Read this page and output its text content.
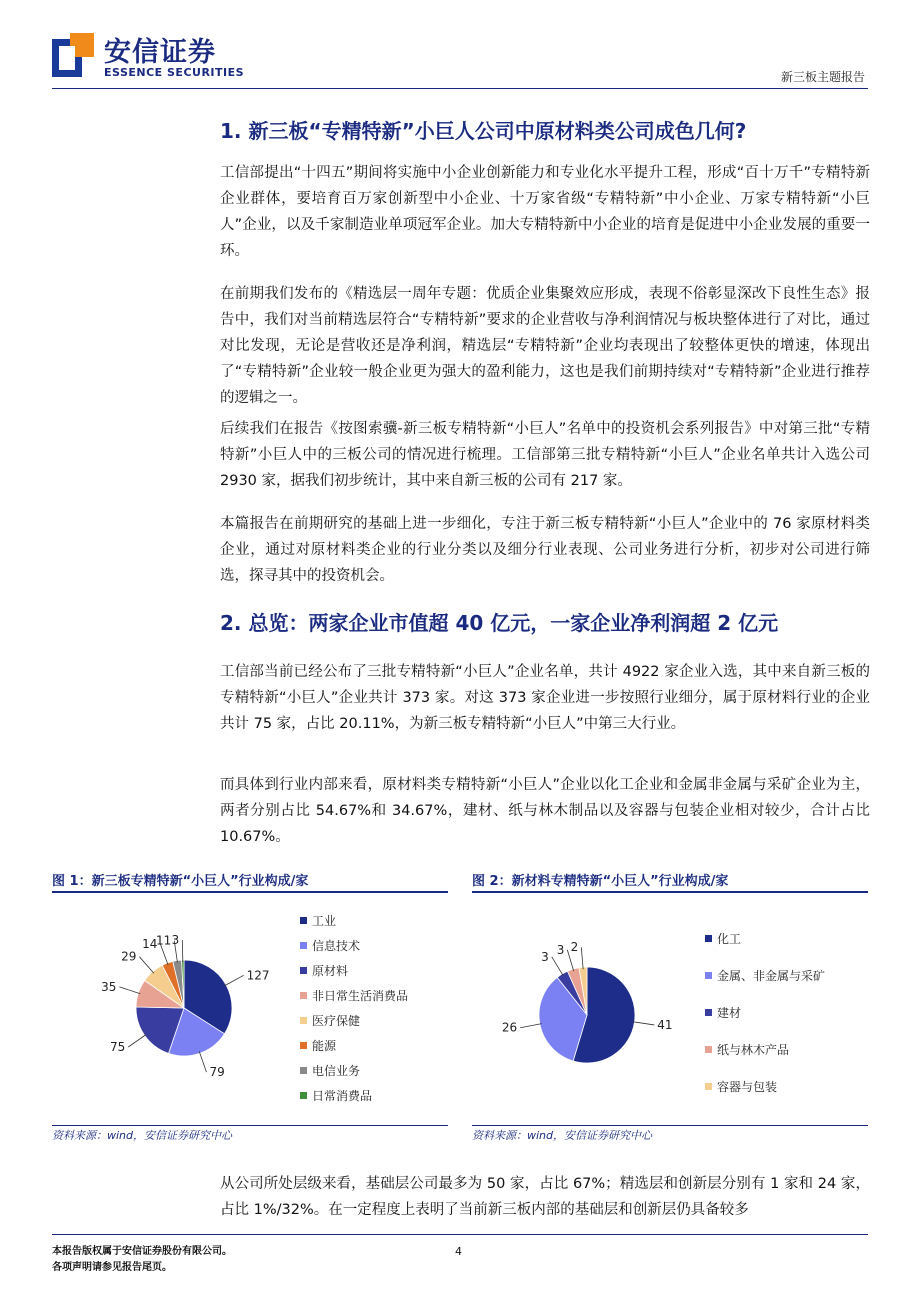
安信证券
ESSENCE SECURITIES	新三板主题报告
1. 新三板“专精特新”小巨人公司中原材料类公司成色几何?
工信部提出“十四五”期间将实施中小企业创新能力和专业化水平提升工程，形成“百十万千”专精特新企业群体，要培育百万家创新型中小企业、十万家省级“专精特新”中小企业、万家专精特新“小巨人”企业，以及千家制造业单项冠军企业。加大专精特新中小企业的培育是促进中小企业发展的重要一环。
在前期我们发布的《精选层一周年专题：优质企业集聚效应形成，表现不俗彰显深改下良性生态》报告中，我们对当前精选层符合“专精特新”要求的企业营收与净利润情况与板块整体进行了对比，通过对比发现，无论是营收还是净利润，精选层“专精特新”企业均表现出了较整体更快的增速，体现出了“专精特新”企业较一般企业更为强大的盈利能力，这也是我们前期持续对“专精特新”企业进行推荐的逻辑之一。
后续我们在报告《按图索骥-新三板专精特新“小巨人”名单中的投资机会系列报告》中对第三批“专精特新”小巨人中的三板公司的情况进行梳理。工信部第三批专精特新“小巨人”企业名单共计入选公司 2930 家，据我们初步统计，其中来自新三板的公司有 217 家。
本篇报告在前期研究的基础上进一步细化，专注于新三板专精特新“小巨人”企业中的 76 家原材料类企业，通过对原材料类企业的行业分类以及细分行业表现、公司业务进行分析，初步对公司进行筛选，探寻其中的投资机会。
2. 总览：两家企业市值超 40 亿元，一家企业净利润超 2 亿元
工信部当前已经公布了三批专精特新“小巨人”企业名单，共计 4922 家企业入选，其中来自新三板的专精特新“小巨人”企业共计 373 家。对这 373 家企业进一步按照行业细分，属于原材料行业的企业共计 75 家，占比 20.11%，为新三板专精特新“小巨人”中第三大行业。
而具体到行业内部来看，原材料类专精特新“小巨人”企业以化工企业和金属非金属与采矿企业为主，两者分别占比 54.67%和 34.67%，建材、纸与林木制品以及容器与包装企业相对较少，合计占比 10.67%。
图 1：新三板专精特新“小巨人”行业构成/家
127
79
75
35
29
14
11 3
工业
信息技术
原材料
非日常生活消费品
医疗保健
能源
电信业务
日常消费品
资料来源：wind，安信证券研究中心
图 2：新材料专精特新“小巨人”行业构成/家
41
26
3 3 2
化工
金属、非金属与采矿
建材
纸与林木产品
容器与包装
资料来源：wind，安信证券研究中心
从公司所处层级来看，基础层公司最多为 50 家，占比 67%；精选层和创新层分别有 1 家和 24 家，占比 1%/32%。在一定程度上表明了当前新三板内部的基础层和创新层仍具备较多
本报告版权属于安信证券股份有限公司。
各项声明请参见报告尾页。
4
